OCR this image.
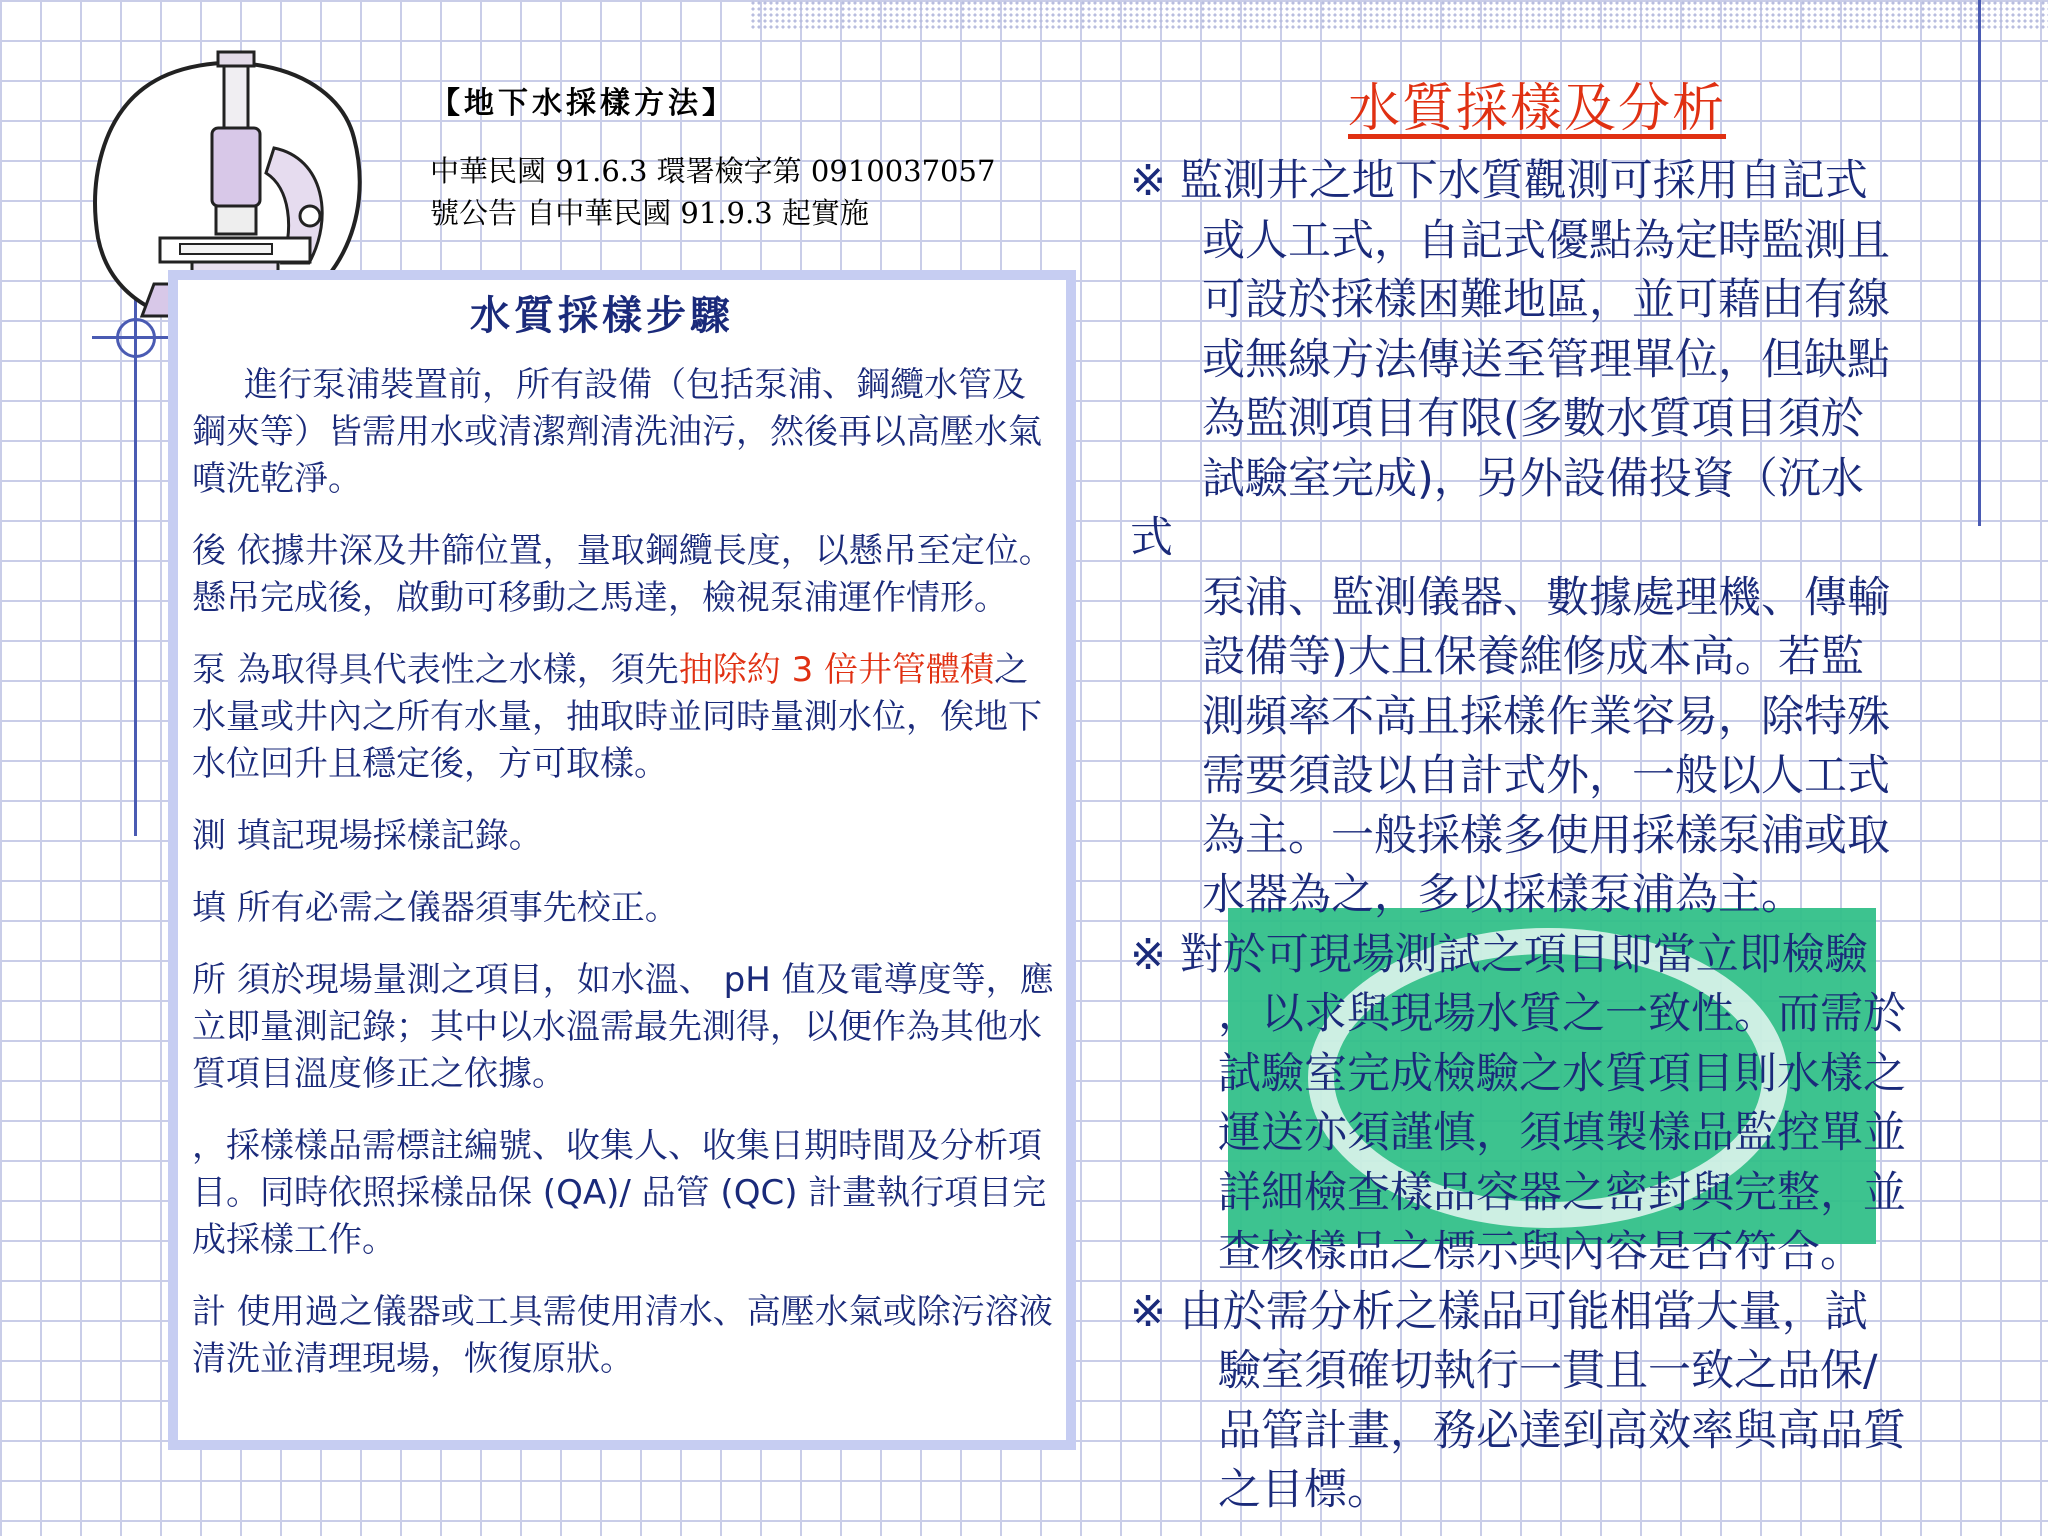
【地下水採樣方法】
中華民國 91.6.3 環署檢字第 0910037057
號公告 自中華民國 91.9.3 起實施
水質採樣步驟

進行泵浦裝置前，所有設備（包括泵浦、鋼纜水管及鋼夾等）皆需用水或清潔劑清洗油污，然後再以高壓水氣噴洗乾淨。

後 依據井深及井篩位置，量取鋼纜長度，以懸吊至定位。懸吊完成後，啟動可移動之馬達，檢視泵浦運作情形。

泵 為取得具代表性之水樣，須先抽除約 3 倍井管體積之水量或井內之所有水量，抽取時並同時量測水位，俟地下水位回升且穩定後，方可取樣。

測 填記現場採樣記錄。

填 所有必需之儀器須事先校正。

所 須於現場量測之項目，如水溫、 pH 值及電導度等，應立即量測記錄；其中以水溫需最先測得，以便作為其他水質項目溫度修正之依據。

，採樣樣品需標註編號、收集人、收集日期時間及分析項目。同時依照採樣品保 (QA)/ 品管 (QC) 計畫執行項目完成採樣工作。

計 使用過之儀器或工具需使用清水、高壓水氣或除污溶液清洗並清理現場，恢復原狀。

水質採樣及分析
※ 監測井之地下水質觀測可採用自記式
或人工式，自記式優點為定時監測且
可設於採樣困難地區，並可藉由有線
或無線方法傳送至管理單位，但缺點
為監測項目有限(多數水質項目須於
試驗室完成)，另外設備投資（沉水
式
泵浦、監測儀器、數據處理機、傳輸
設備等)大且保養維修成本高。若監
測頻率不高且採樣作業容易，除特殊
需要須設以自計式外，一般以人工式
為主。一般採樣多使用採樣泵浦或取
水器為之，多以採樣泵浦為主。
※ 對於可現場測試之項目即當立即檢驗
，以求與現場水質之一致性。而需於
試驗室完成檢驗之水質項目則水樣之
運送亦須謹慎，須填製樣品監控單並
詳細檢查樣品容器之密封與完整，並
查核樣品之標示與內容是否符合。
※ 由於需分析之樣品可能相當大量，試
驗室須確切執行一貫且一致之品保/
品管計畫，務必達到高效率與高品質
之目標。
